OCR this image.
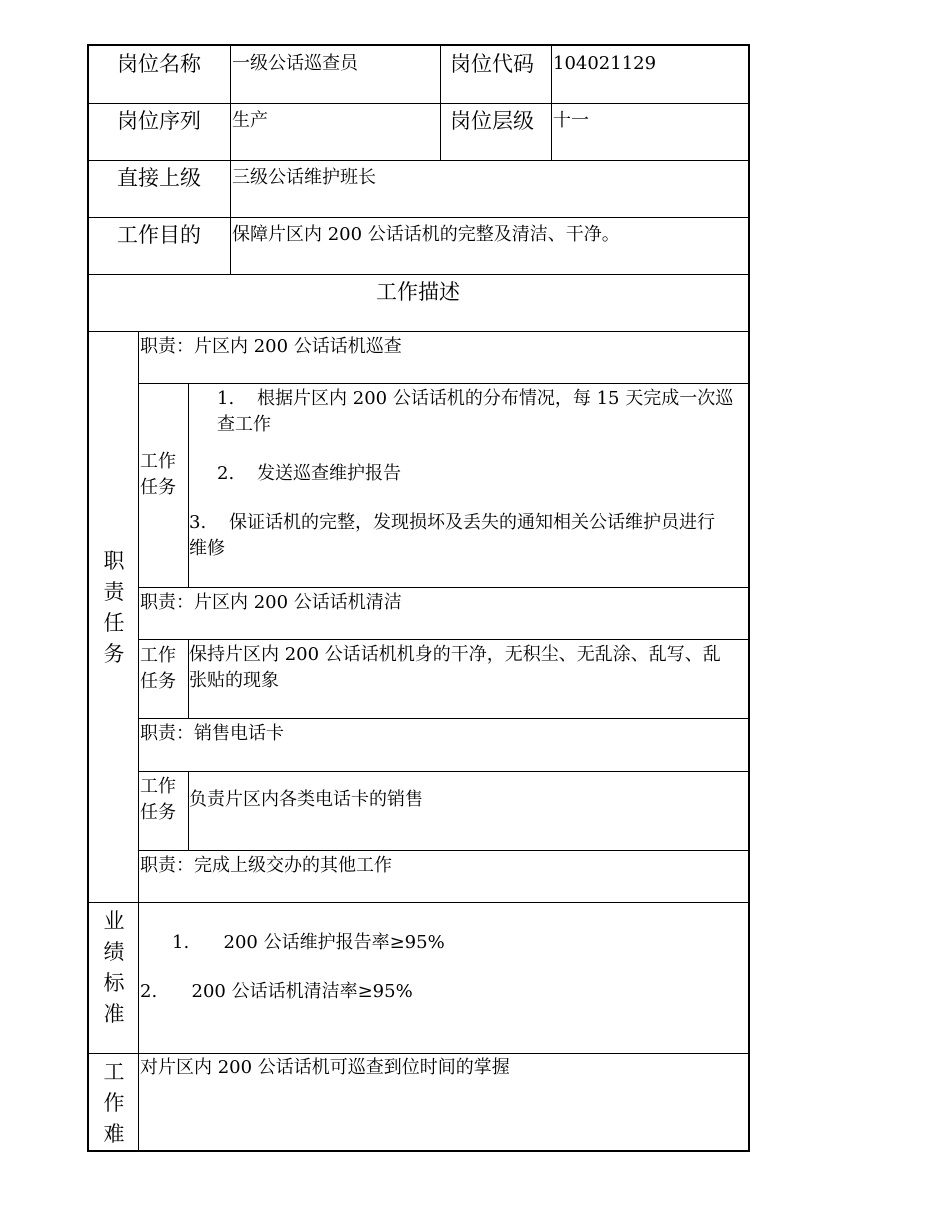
岗位名称 一级公话巡查员	岗位代码 104021129
岗位序列 生产	岗位层级 十一
直接上级 三级公话维护班长
工作目的 保障片区内 200 公话话机的完整及清洁、干净。
工作描述
职
责
任
务
职责：片区内 200 公话话机巡查
工作
任务
1.    根据片区内 200 公话话机的分布情况，每 15 天完成一次巡
查工作
2.    发送巡查维护报告
3.    保证话机的完整，发现损坏及丢失的通知相关公话维护员进行
维修
职责：片区内 200 公话话机清洁
工作
任务
保持片区内 200 公话话机机身的干净，无积尘、无乱涂、乱写、乱
张贴的现象
职责：销售电话卡
工作
任务
负责片区内各类电话卡的销售
职责：完成上级交办的其他工作
业
绩
标
准
1.      200 公话维护报告率≥95%
2.      200 公话话机清洁率≥95%
工
作
难
对片区内 200 公话话机可巡查到位时间的掌握
